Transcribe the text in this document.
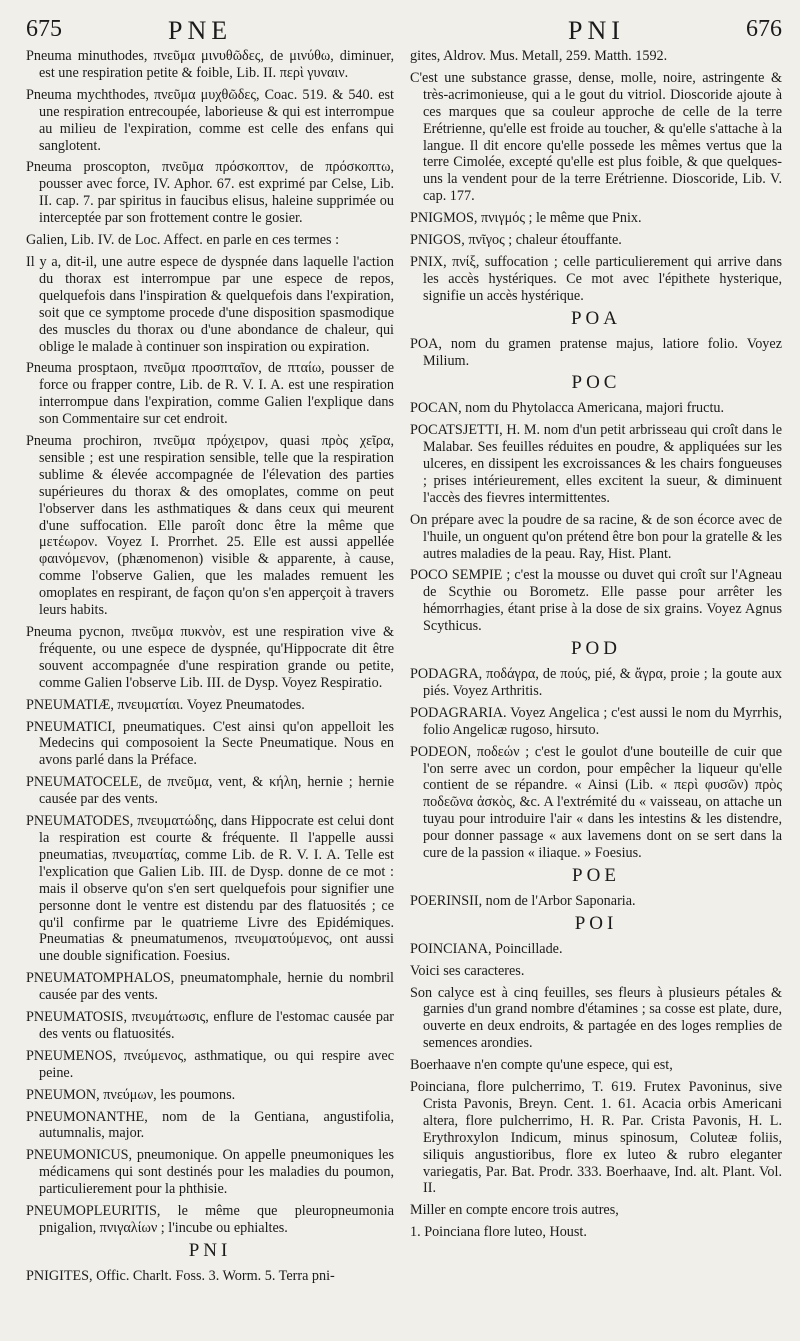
675	PNE	PNI	676

Pneuma minuthodes, πνεῦμα μινυθῶδες, de μινύθω, diminuer, est une respiration petite & foible, Lib. II. περὶ γυναιν.

Pneuma mychthodes, πνεῦμα μυχθῶδες, Coac. 519. & 540. est une respiration entrecoupée, laborieuse & qui est interrompue au milieu de l'expiration, comme est celle des enfans qui sanglotent.

Pneuma proscopton, πνεῦμα πρόσκοπτον, de πρόσκοπτω, pousser avec force, IV. Aphor. 67. est exprimé par Celse, Lib. II. cap. 7. par spiritus in faucibus elisus, haleine supprimée ou interceptée par son frottement contre le gosier.

Galien, Lib. IV. de Loc. Affect. en parle en ces termes :

Il y a, dit-il, une autre espece de dyspnée dans laquelle l'action du thorax est interrompue par une espece de repos, quelquefois dans l'inspiration & quelquefois dans l'expiration, soit que ce symptome procede d'une disposition spasmodique des muscles du thorax ou d'une abondance de chaleur, qui oblige le malade à continuer son inspiration ou expiration.

Pneuma prosptaon, πνεῦμα προσπταῖον, de πταίω, pousser de force ou frapper contre, Lib. de R. V. I. A. est une respiration interrompue dans l'expiration, comme Galien l'explique dans son Commentaire sur cet endroit.

Pneuma prochiron, πνεῦμα πρόχειρον, quasi πρὸς χεῖρα, sensible ; est une respiration sensible, telle que la respiration sublime & élevée accompagnée de l'élevation des parties supérieures du thorax & des omoplates, comme on peut l'observer dans les asthmatiques & dans ceux qui meurent d'une suffocation. Elle paroît donc être la même que μετέωρον. Voyez I. Prorrhet. 25. Elle est aussi appellée φαινόμενον, (phænomenon) visible & apparente, à cause, comme l'observe Galien, que les malades remuent les omoplates en respirant, de façon qu'on s'en apperçoit à travers leurs habits.

Pneuma pycnon, πνεῦμα πυκνὸν, est une respiration vive & fréquente, ou une espece de dyspnée, qu'Hippocrate dit être souvent accompagnée d'une respiration grande ou petite, comme Galien l'observe Lib. III. de Dysp. Voyez Respiratio.

PNEUMATIÆ, πνευματίαι. Voyez Pneumatodes.

PNEUMATICI, pneumatiques. C'est ainsi qu'on appelloit les Medecins qui composoient la Secte Pneumatique. Nous en avons parlé dans la Préface.

PNEUMATOCELE, de πνεῦμα, vent, & κήλη, hernie ; hernie causée par des vents.

PNEUMATODES, πνευματώδης, dans Hippocrate est celui dont la respiration est courte & fréquente. Il l'appelle aussi pneumatias, πνευματίας, comme Lib. de R. V. I. A. Telle est l'explication que Galien Lib. III. de Dysp. donne de ce mot : mais il observe qu'on s'en sert quelquefois pour signifier une personne dont le ventre est distendu par des flatuosités ; ce qu'il confirme par le quatrieme Livre des Epidémiques. Pneumatias & pneumatumenos, πνευματούμενος, ont aussi une double signification. Foesius.

PNEUMATOMPHALOS, pneumatomphale, hernie du nombril causée par des vents.

PNEUMATOSIS, πνευμάτωσις, enflure de l'estomac causée par des vents ou flatuosités.

PNEUMENOS, πνεύμενος, asthmatique, ou qui respire avec peine.

PNEUMON, πνεύμων, les poumons.

PNEUMONANTHE, nom de la Gentiana, angustifolia, autumnalis, major.

PNEUMONICUS, pneumonique. On appelle pneumoniques les médicamens qui sont destinés pour les maladies du poumon, particulierement pour la phthisie.

PNEUMOPLEURITIS, le même que pleuropneumonia pnigalion, πνιγαλίων ; l'incube ou ephialtes.

PNI

PNIGITES, Offic. Charlt. Foss. 3. Worm. 5. Terra pni-

gites, Aldrov. Mus. Metall, 259. Matth. 1592.

C'est une substance grasse, dense, molle, noire, astringente & très-acrimonieuse, qui a le gout du vitriol. Dioscoride ajoute à ces marques que sa couleur approche de celle de la terre Erétrienne, qu'elle est froide au toucher, & qu'elle s'attache à la langue. Il dit encore qu'elle possede les mêmes vertus que la terre Cimolée, excepté qu'elle est plus foible, & que quelques-uns la vendent pour de la terre Erétrienne. Dioscoride, Lib. V. cap. 177.

PNIGMOS, πνιγμός ; le même que Pnix.

PNIGOS, πνῖγος ; chaleur étouffante.

PNIX, πνίξ, suffocation ; celle particulierement qui arrive dans les accès hystériques. Ce mot avec l'épithete hysterique, signifie un accès hystérique.

POA

POA, nom du gramen pratense majus, latiore folio. Voyez Milium.

POC

POCAN, nom du Phytolacca Americana, majori fructu.

POCATSJETTI, H. M. nom d'un petit arbrisseau qui croît dans le Malabar. Ses feuilles réduites en poudre, & appliquées sur les ulceres, en dissipent les excroissances & les chairs fongueuses ; prises intérieurement, elles excitent la sueur, & diminuent l'accès des fievres intermittentes.

On prépare avec la poudre de sa racine, & de son écorce avec de l'huile, un onguent qu'on prétend être bon pour la gratelle & les autres maladies de la peau. Ray, Hist. Plant.

POCO SEMPIE ; c'est la mousse ou duvet qui croît sur l'Agneau de Scythie ou Borometz. Elle passe pour arrêter les hémorrhagies, étant prise à la dose de six grains. Voyez Agnus Scythicus.

POD

PODAGRA, ποδάγρα, de πούς, pié, & ἄγρα, proie ; la goute aux piés. Voyez Arthritis.

PODAGRARIA. Voyez Angelica ; c'est aussi le nom du Myrrhis, folio Angelicæ rugoso, hirsuto.

PODEON, ποδεών ; c'est le goulot d'une bouteille de cuir que l'on serre avec un cordon, pour empêcher la liqueur qu'elle contient de se répandre. « Ainsi (Lib. « περὶ φυσῶν) πρὸς ποδεῶνα ἀσκὸς, &c. A l'extrémité du « vaisseau, on attache un tuyau pour introduire l'air « dans les intestins & les distendre, pour donner passage « aux lavemens dont on se sert dans la cure de la passion « iliaque. » Foesius.

POE

POERINSII, nom de l'Arbor Saponaria.

POI

POINCIANA, Poincillade.

Voici ses caracteres.

Son calyce est à cinq feuilles, ses fleurs à plusieurs pétales & garnies d'un grand nombre d'étamines ; sa cosse est plate, dure, ouverte en deux endroits, & partagée en des loges remplies de semences arondies.

Boerhaave n'en compte qu'une espece, qui est,

Poinciana, flore pulcherrimo, T. 619. Frutex Pavoninus, sive Crista Pavonis, Breyn. Cent. 1. 61. Acacia orbis Americani altera, flore pulcherrimo, H. R. Par. Crista Pavonis, H. L. Erythroxylon Indicum, minus spinosum, Coluteæ foliis, siliquis angustioribus, flore ex luteo & rubro eleganter variegatis, Par. Bat. Prodr. 333. Boerhaave, Ind. alt. Plant. Vol. II.

Miller en compte encore trois autres,

1. Poinciana flore luteo, Houst.
